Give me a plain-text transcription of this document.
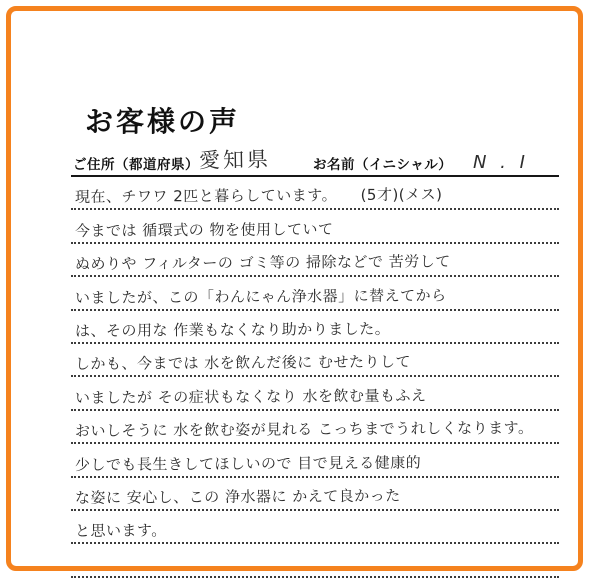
お客様の声
ご住所（都道府県） 愛知県	お名前（イニシャル） N . I
現在、チワワ 2匹と暮らしています。　　(5才)(メス)
今までは 循環式の 物を使用していて
ぬめりや フィルターの ゴミ等の 掃除などで 苦労して
いましたが、この「わんにゃん浄水器」に替えてから
は、その用な 作業もなくなり助かりました。
しかも、今までは 水を飲んだ後に むせたりして
いましたが その症状もなくなり 水を飲む量もふえ
おいしそうに 水を飲む姿が見れる こっちまでうれしくなります。
少しでも長生きしてほしいので 目で見える健康的
な姿に 安心し、この 浄水器に かえて良かった
と思います。
